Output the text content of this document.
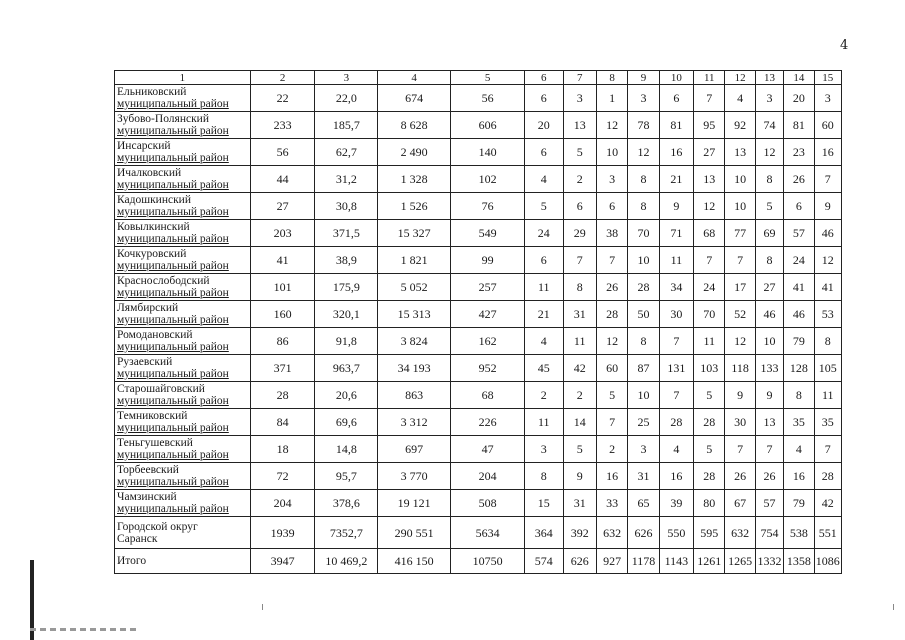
4
1	2	3	4	5	6	7	8	9	10	11	12	13	14	15

Ельниковский
муниципальный район	22	22,0	674	56	6	3	1	3	6	7	4	3	20	3

Зубово-Полянский
муниципальный район	233	185,7	8 628	606	20	13	12	78	81	95	92	74	81	60

Инсарский
муниципальный район	56	62,7	2 490	140	6	5	10	12	16	27	13	12	23	16

Ичалковский
муниципальный район	44	31,2	1 328	102	4	2	3	8	21	13	10	8	26	7

Кадошкинский
муниципальный район	27	30,8	1 526	76	5	6	6	8	9	12	10	5	6	9

Ковылкинский
муниципальный район	203	371,5	15 327	549	24	29	38	70	71	68	77	69	57	46

Кочкуровский
муниципальный район	41	38,9	1 821	99	6	7	7	10	11	7	7	8	24	12

Краснослободский
муниципальный район	101	175,9	5 052	257	11	8	26	28	34	24	17	27	41	41

Лямбирский
муниципальный район	160	320,1	15 313	427	21	31	28	50	30	70	52	46	46	53

Ромодановский
муниципальный район	86	91,8	3 824	162	4	11	12	8	7	11	12	10	79	8

Рузаевский
муниципальный район	371	963,7	34 193	952	45	42	60	87	131	103	118	133	128	105

Старошайговский
муниципальный район	28	20,6	863	68	2	2	5	10	7	5	9	9	8	11

Темниковский
муниципальный район	84	69,6	3 312	226	11	14	7	25	28	28	30	13	35	35

Теньгушевский
муниципальный район	18	14,8	697	47	3	5	2	3	4	5	7	7	4	7

Торбеевский
муниципальный район	72	95,7	3 770	204	8	9	16	31	16	28	26	26	16	28

Чамзинский
муниципальный район	204	378,6	19 121	508	15	31	33	65	39	80	67	57	79	42

Городской округ
Саранск	1939	7352,7	290 551	5634	364	392	632	626	550	595	632	754	538	551

Итого	3947	10 469,2	416 150	10750	574	626	927	1178	1143	1261	1265	1332	1358	1086
